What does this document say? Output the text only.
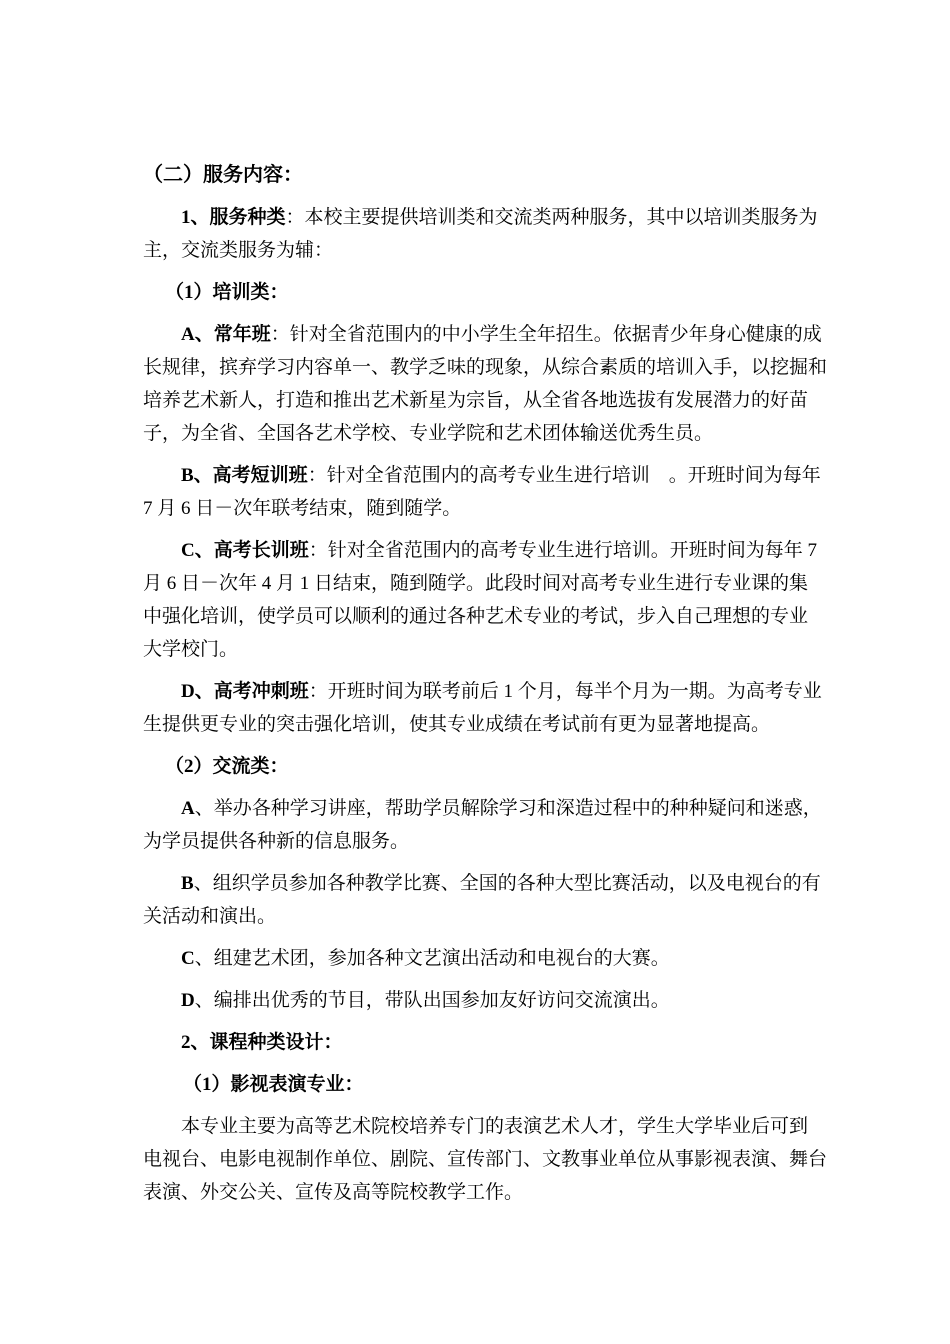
（二）服务内容：
1、服务种类：本校主要提供培训类和交流类两种服务，其中以培训类服务为
主，交流类服务为辅：
（1）培训类：
A、常年班：针对全省范围内的中小学生全年招生。依据青少年身心健康的成
长规律，摈弃学习内容单一、教学乏味的现象，从综合素质的培训入手，以挖掘和
培养艺术新人，打造和推出艺术新星为宗旨，从全省各地选拔有发展潜力的好苗
子，为全省、全国各艺术学校、专业学院和艺术团体输送优秀生员。
B、高考短训班：针对全省范围内的高考专业生进行培训　。开班时间为每年
7 月 6 日－次年联考结束，随到随学。
C、高考长训班：针对全省范围内的高考专业生进行培训。开班时间为每年 7
月 6 日－次年 4 月 1 日结束，随到随学。此段时间对高考专业生进行专业课的集
中强化培训，使学员可以顺利的通过各种艺术专业的考试，步入自己理想的专业
大学校门。
D、高考冲刺班：开班时间为联考前后 1 个月，每半个月为一期。为高考专业
生提供更专业的突击强化培训，使其专业成绩在考试前有更为显著地提高。
（2）交流类：
A、举办各种学习讲座，帮助学员解除学习和深造过程中的种种疑问和迷惑，
为学员提供各种新的信息服务。
B、组织学员参加各种教学比赛、全国的各种大型比赛活动，以及电视台的有
关活动和演出。
C、组建艺术团，参加各种文艺演出活动和电视台的大赛。
D、编排出优秀的节目，带队出国参加友好访问交流演出。
2、课程种类设计：
（1）影视表演专业：
本专业主要为高等艺术院校培养专门的表演艺术人才，学生大学毕业后可到
电视台、电影电视制作单位、剧院、宣传部门、文教事业单位从事影视表演、舞台
表演、外交公关、宣传及高等院校教学工作。
